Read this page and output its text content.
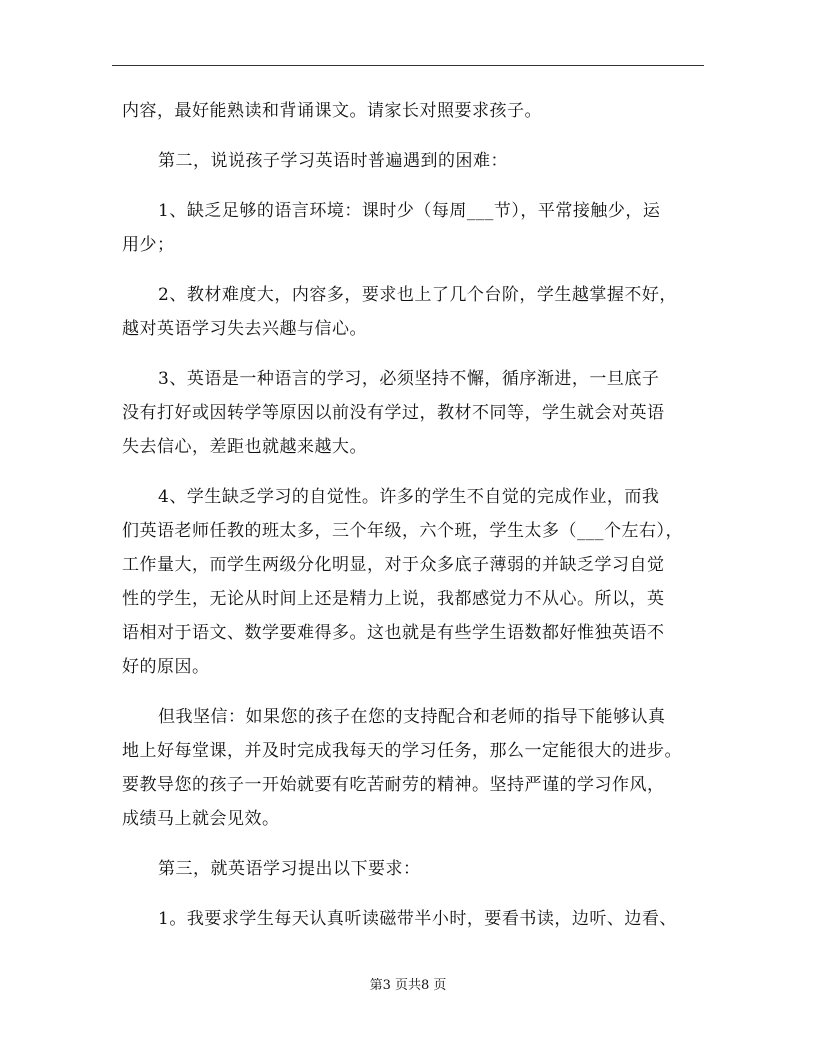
内容，最好能熟读和背诵课文。请家长对照要求孩子。
第二，说说孩子学习英语时普遍遇到的困难：
1、缺乏足够的语言环境：课时少（每周___节），平常接触少，运
用少；
2、教材难度大，内容多，要求也上了几个台阶，学生越掌握不好，
越对英语学习失去兴趣与信心。
3、英语是一种语言的学习，必须坚持不懈，循序渐进，一旦底子
没有打好或因转学等原因以前没有学过，教材不同等，学生就会对英语
失去信心，差距也就越来越大。
4、学生缺乏学习的自觉性。许多的学生不自觉的完成作业，而我
们英语老师任教的班太多，三个年级，六个班，学生太多（___个左右），
工作量大，而学生两级分化明显，对于众多底子薄弱的并缺乏学习自觉
性的学生，无论从时间上还是精力上说，我都感觉力不从心。所以，英
语相对于语文、数学要难得多。这也就是有些学生语数都好惟独英语不
好的原因。
但我坚信：如果您的孩子在您的支持配合和老师的指导下能够认真
地上好每堂课，并及时完成我每天的学习任务，那么一定能很大的进步。
要教导您的孩子一开始就要有吃苦耐劳的精神。坚持严谨的学习作风，
成绩马上就会见效。
第三，就英语学习提出以下要求：
1。我要求学生每天认真听读磁带半小时，要看书读，边听、边看、
第3 页共8 页
